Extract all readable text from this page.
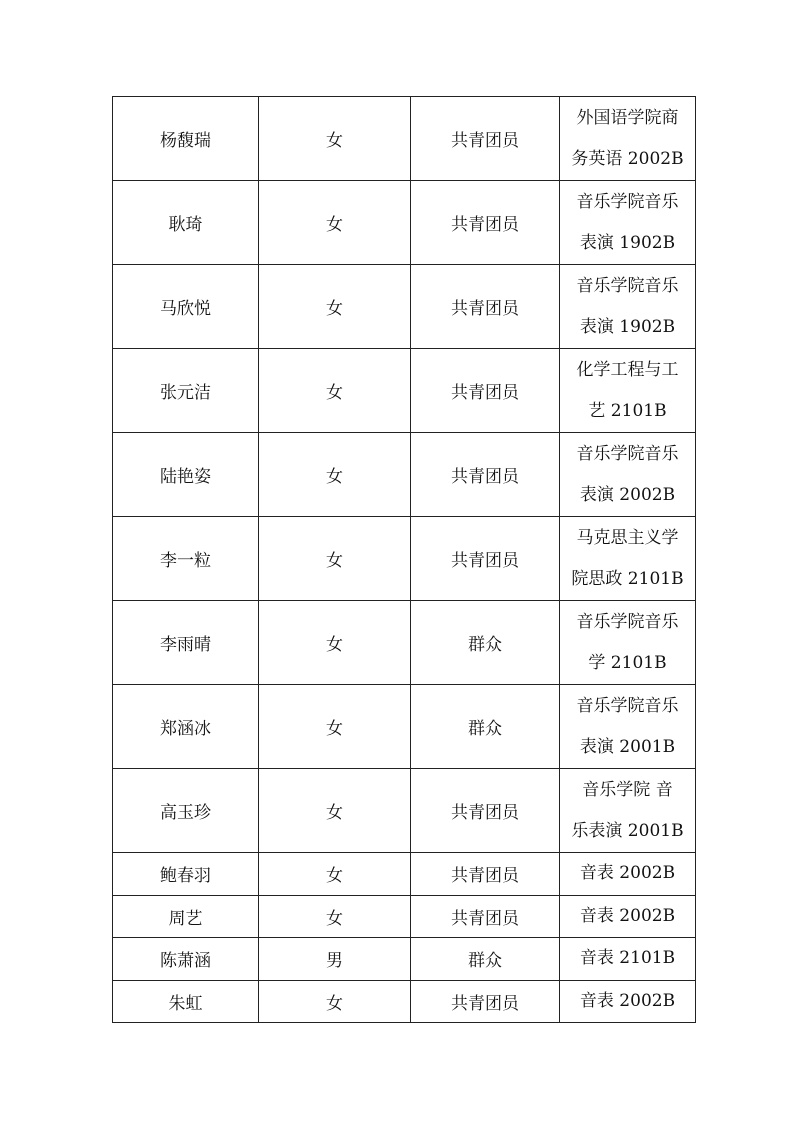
杨馥瑞	女	共青团员	外国语学院商
务英语 2002B

耿琦	女	共青团员	音乐学院音乐
表演 1902B

马欣悦	女	共青团员	音乐学院音乐
表演 1902B

张元洁	女	共青团员	化学工程与工
艺 2101B

陆艳姿	女	共青团员	音乐学院音乐
表演 2002B

李一粒	女	共青团员	马克思主义学
院思政 2101B

李雨晴	女	群众	音乐学院音乐
学 2101B

郑涵冰	女	群众	音乐学院音乐
表演 2001B

高玉珍	女	共青团员	音乐学院 音
乐表演 2001B

鲍春羽	女	共青团员	音表 2002B

周艺	女	共青团员	音表 2002B

陈萧涵	男	群众	音表 2101B

朱虹	女	共青团员	音表 2002B
